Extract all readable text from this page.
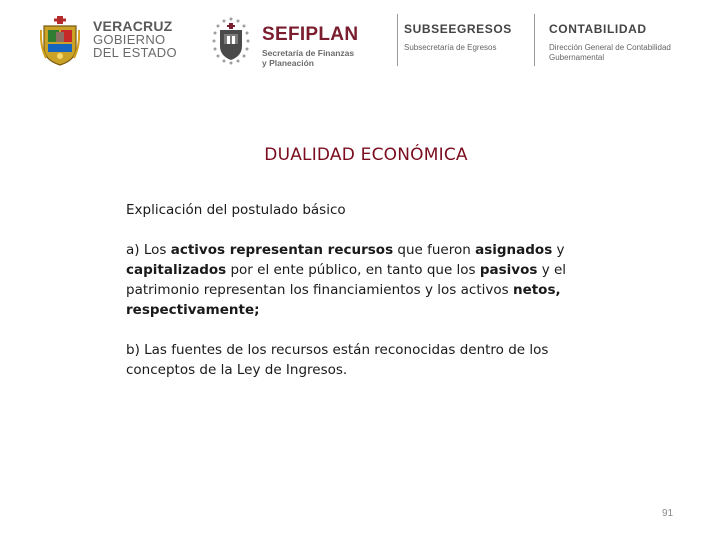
VERACRUZ
GOBIERNO
DEL ESTADO
SEFIPLAN
Secretaría de Finanzas
y Planeación
SUBSEEGRESOS
Subsecretaría de Egresos
CONTABILIDAD
Dirección General de Contabilidad
Gubernamental
DUALIDAD ECONÓMICA

Explicación del postulado básico

a) Los activos representan recursos que fueron asignados y capitalizados por el ente público, en tanto que los pasivos y el patrimonio representan los financiamientos y los activos netos, respectivamente;

b) Las fuentes de los recursos están reconocidas dentro de los conceptos de la Ley de Ingresos.

91
